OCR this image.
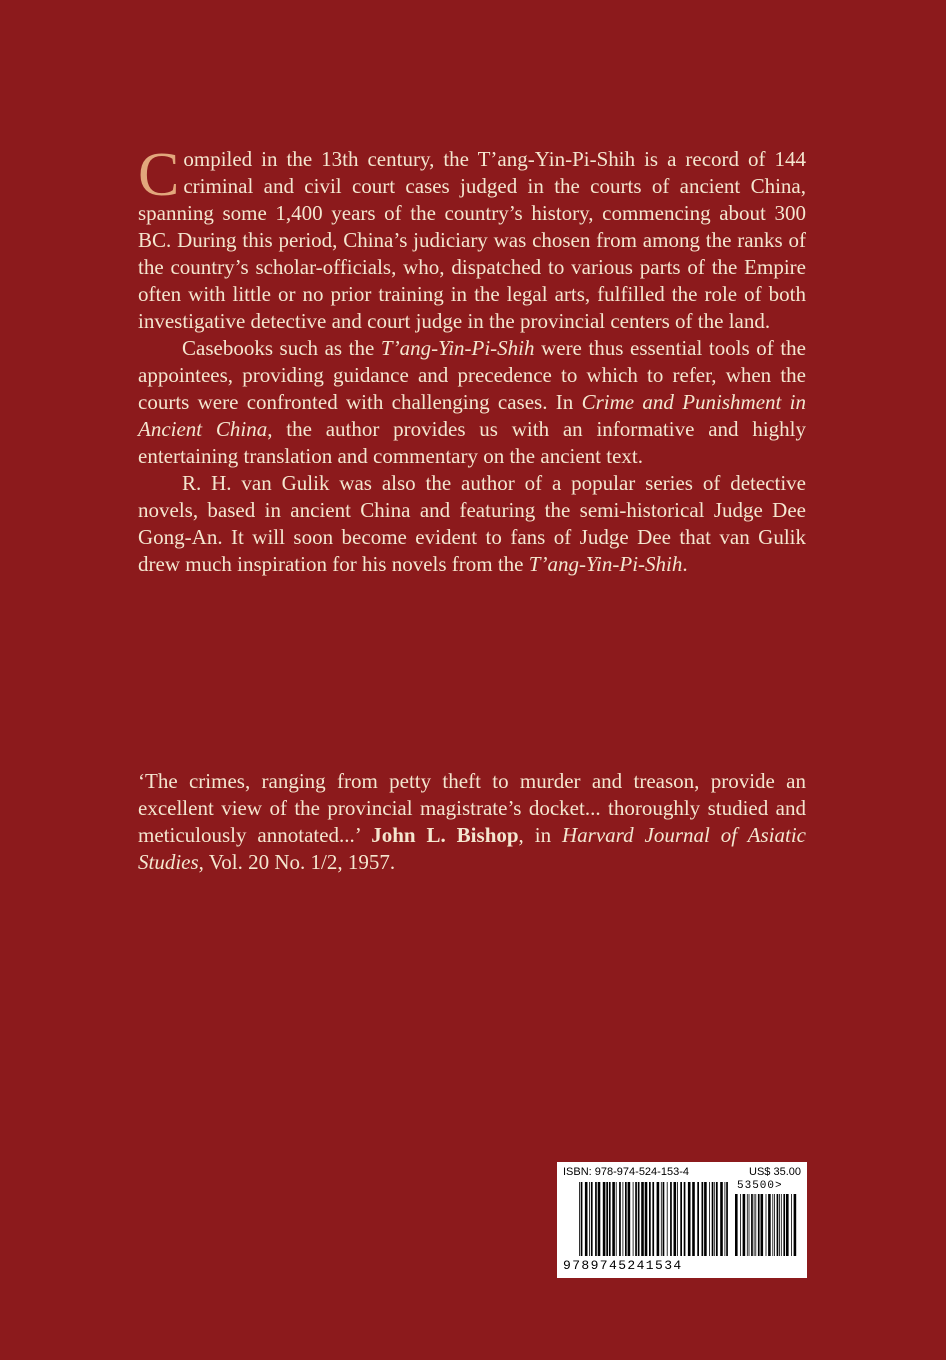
Compiled in the 13th century, the T’ang-Yin-Pi-Shih is a record of 144 criminal and civil court cases judged in the courts of ancient China, spanning some 1,400 years of the country’s history, commencing about 300 BC. During this period, China’s judiciary was chosen from among the ranks of the country’s scholar-officials, who, dispatched to various parts of the Empire often with little or no prior training in the legal arts, fulfilled the role of both investigative detective and court judge in the provincial centers of the land.

Casebooks such as the T’ang-Yin-Pi-Shih were thus essential tools of the appointees, providing guidance and precedence to which to refer, when the courts were confronted with challenging cases. In Crime and Punishment in Ancient China, the author provides us with an informative and highly entertaining translation and commentary on the ancient text.

R. H. van Gulik was also the author of a popular series of detective novels, based in ancient China and featuring the semi-historical Judge Dee Gong-An. It will soon become evident to fans of Judge Dee that van Gulik drew much inspiration for his novels from the T’ang-Yin-Pi-Shih.

‘The crimes, ranging from petty theft to murder and treason, provide an excellent view of the provincial magistrate’s docket... thoroughly studied and meticulously annotated...’ John L. Bishop, in Harvard Journal of Asiatic Studies, Vol. 20 No. 1/2, 1957.

ISBN: 978-974-524-153-4	US$ 35.00
53500>
9789745241534
